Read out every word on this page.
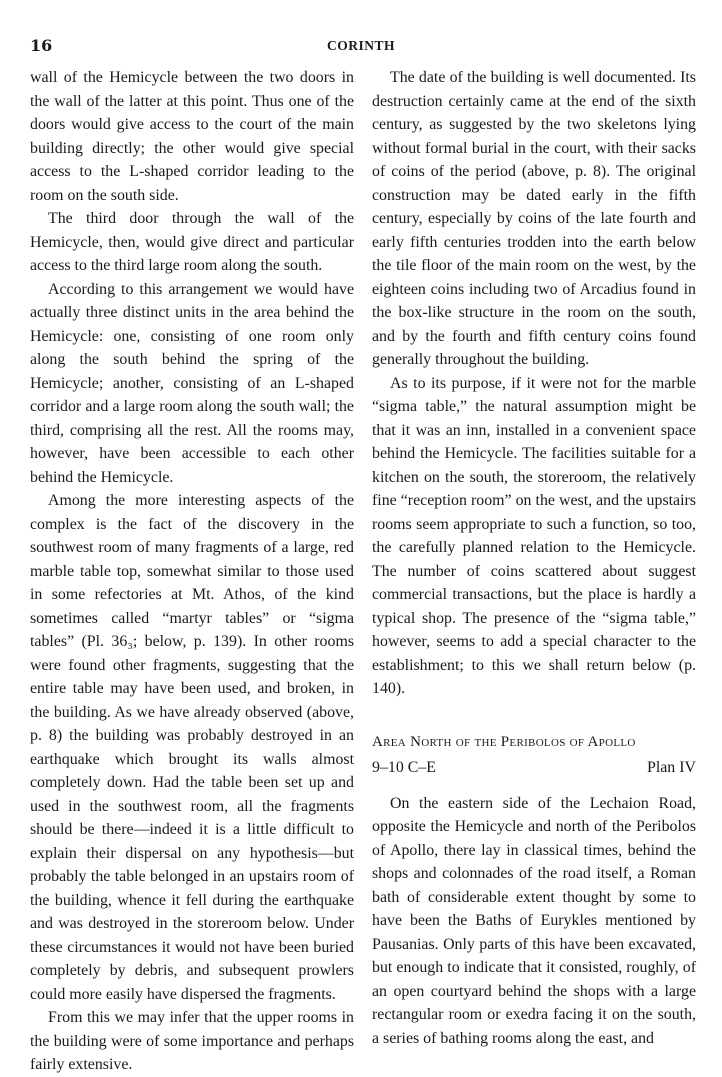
16	CORINTH

wall of the Hemicycle between the two doors in the wall of the latter at this point. Thus one of the doors would give access to the court of the main building directly; the other would give special access to the L-shaped corridor leading to the room on the south side.

The third door through the wall of the Hemicycle, then, would give direct and particular access to the third large room along the south.

According to this arrangement we would have actually three distinct units in the area behind the Hemicycle: one, consisting of one room only along the south behind the spring of the Hemicycle; another, consisting of an L-shaped corridor and a large room along the south wall; the third, comprising all the rest. All the rooms may, however, have been accessible to each other behind the Hemicycle.

Among the more interesting aspects of the complex is the fact of the discovery in the southwest room of many fragments of a large, red marble table top, somewhat similar to those used in some refectories at Mt. Athos, of the kind sometimes called “martyr tables” or “sigma tables” (Pl. 36₃; below, p. 139). In other rooms were found other fragments, suggesting that the entire table may have been used, and broken, in the building. As we have already observed (above, p. 8) the building was probably destroyed in an earthquake which brought its walls almost completely down. Had the table been set up and used in the southwest room, all the fragments should be there—indeed it is a little difficult to explain their dispersal on any hypothesis—but probably the table belonged in an upstairs room of the building, whence it fell during the earthquake and was destroyed in the storeroom below. Under these circumstances it would not have been buried completely by debris, and subsequent prowlers could more easily have dispersed the fragments.

From this we may infer that the upper rooms in the building were of some importance and perhaps fairly extensive.

The date of the building is well documented. Its destruction certainly came at the end of the sixth century, as suggested by the two skeletons lying without formal burial in the court, with their sacks of coins of the period (above, p. 8). The original construction may be dated early in the fifth century, especially by coins of the late fourth and early fifth centuries trodden into the earth below the tile floor of the main room on the west, by the eighteen coins including two of Arcadius found in the box-like structure in the room on the south, and by the fourth and fifth century coins found generally throughout the building.

As to its purpose, if it were not for the marble “sigma table,” the natural assumption might be that it was an inn, installed in a convenient space behind the Hemicycle. The facilities suitable for a kitchen on the south, the storeroom, the relatively fine “reception room” on the west, and the upstairs rooms seem appropriate to such a function, so too, the carefully planned relation to the Hemicycle. The number of coins scattered about suggest commercial transactions, but the place is hardly a typical shop. The presence of the “sigma table,” however, seems to add a special character to the establishment; to this we shall return below (p. 140).

Area North of the Peribolos of Apollo
9–10 C–E	Plan IV

On the eastern side of the Lechaion Road, opposite the Hemicycle and north of the Peribolos of Apollo, there lay in classical times, behind the shops and colonnades of the road itself, a Roman bath of considerable extent thought by some to have been the Baths of Eurykles mentioned by Pausanias. Only parts of this have been excavated, but enough to indicate that it consisted, roughly, of an open courtyard behind the shops with a large rectangular room or exedra facing it on the south, a series of bathing rooms along the east, and
